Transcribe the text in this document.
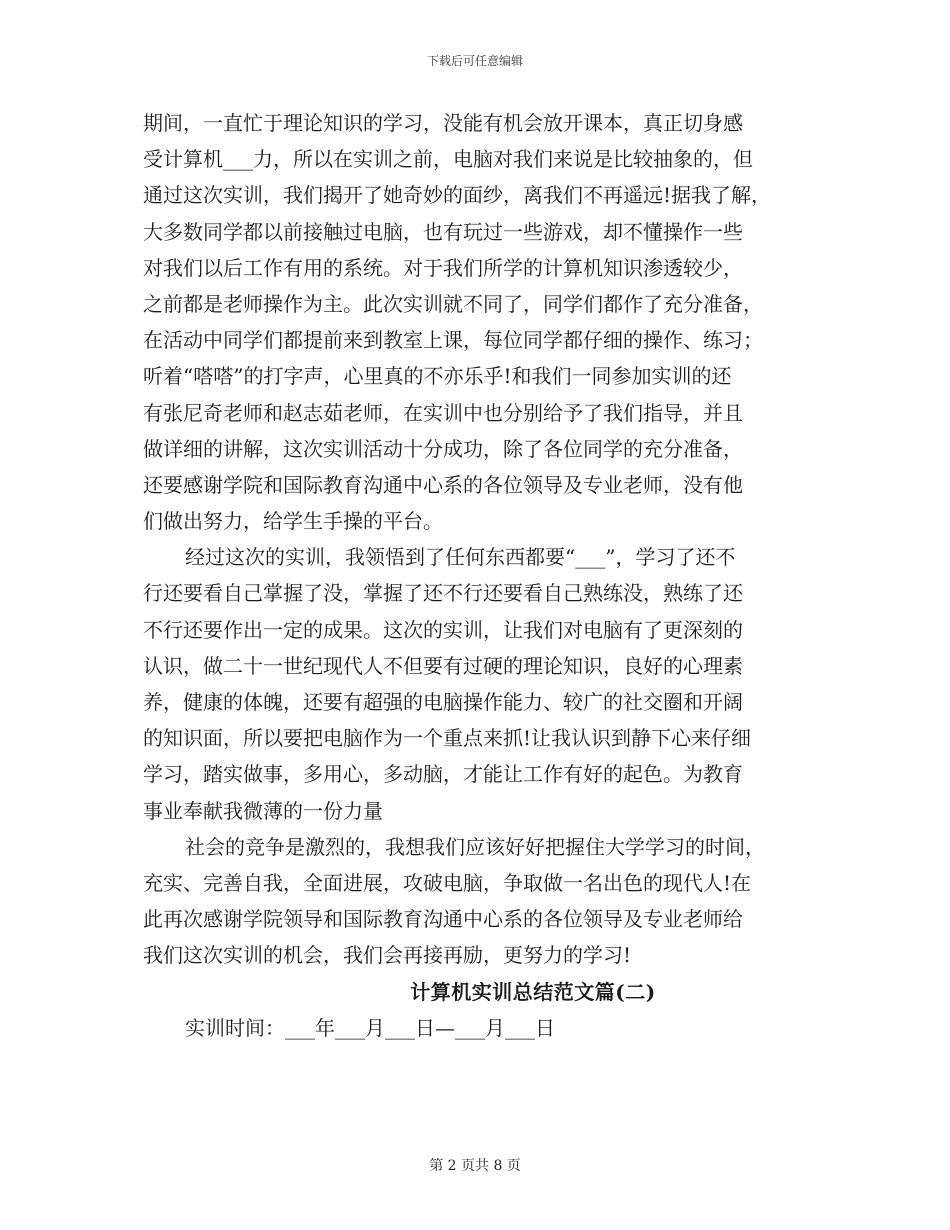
下载后可任意编辑
期间，一直忙于理论知识的学习，没能有机会放开课本，真正切身感
受计算机___力，所以在实训之前，电脑对我们来说是比较抽象的，但
通过这次实训，我们揭开了她奇妙的面纱，离我们不再遥远!据我了解，
大多数同学都以前接触过电脑，也有玩过一些游戏，却不懂操作一些
对我们以后工作有用的系统。对于我们所学的计算机知识渗透较少，
之前都是老师操作为主。此次实训就不同了，同学们都作了充分准备，
在活动中同学们都提前来到教室上课，每位同学都仔细的操作、练习；
听着“嗒嗒”的打字声，心里真的不亦乐乎!和我们一同参加实训的还
有张尼奇老师和赵志茹老师，在实训中也分别给予了我们指导，并且
做详细的讲解，这次实训活动十分成功，除了各位同学的充分准备，
还要感谢学院和国际教育沟通中心系的各位领导及专业老师，没有他
们做出努力，给学生手操的平台。
经过这次的实训，我领悟到了任何东西都要“___”，学习了还不
行还要看自己掌握了没，掌握了还不行还要看自己熟练没，熟练了还
不行还要作出一定的成果。这次的实训，让我们对电脑有了更深刻的
认识，做二十一世纪现代人不但要有过硬的理论知识，良好的心理素
养，健康的体魄，还要有超强的电脑操作能力、较广的社交圈和开阔
的知识面，所以要把电脑作为一个重点来抓!让我认识到静下心来仔细
学习，踏实做事，多用心，多动脑，才能让工作有好的起色。为教育
事业奉献我微薄的一份力量
社会的竞争是激烈的，我想我们应该好好把握住大学学习的时间，
充实、完善自我，全面进展，攻破电脑，争取做一名出色的现代人!在
此再次感谢学院领导和国际教育沟通中心系的各位领导及专业老师给
我们这次实训的机会，我们会再接再励，更努力的学习!
计算机实训总结范文篇(二)
实训时间：___年___月___日—___月___日
第 2 页共 8 页
